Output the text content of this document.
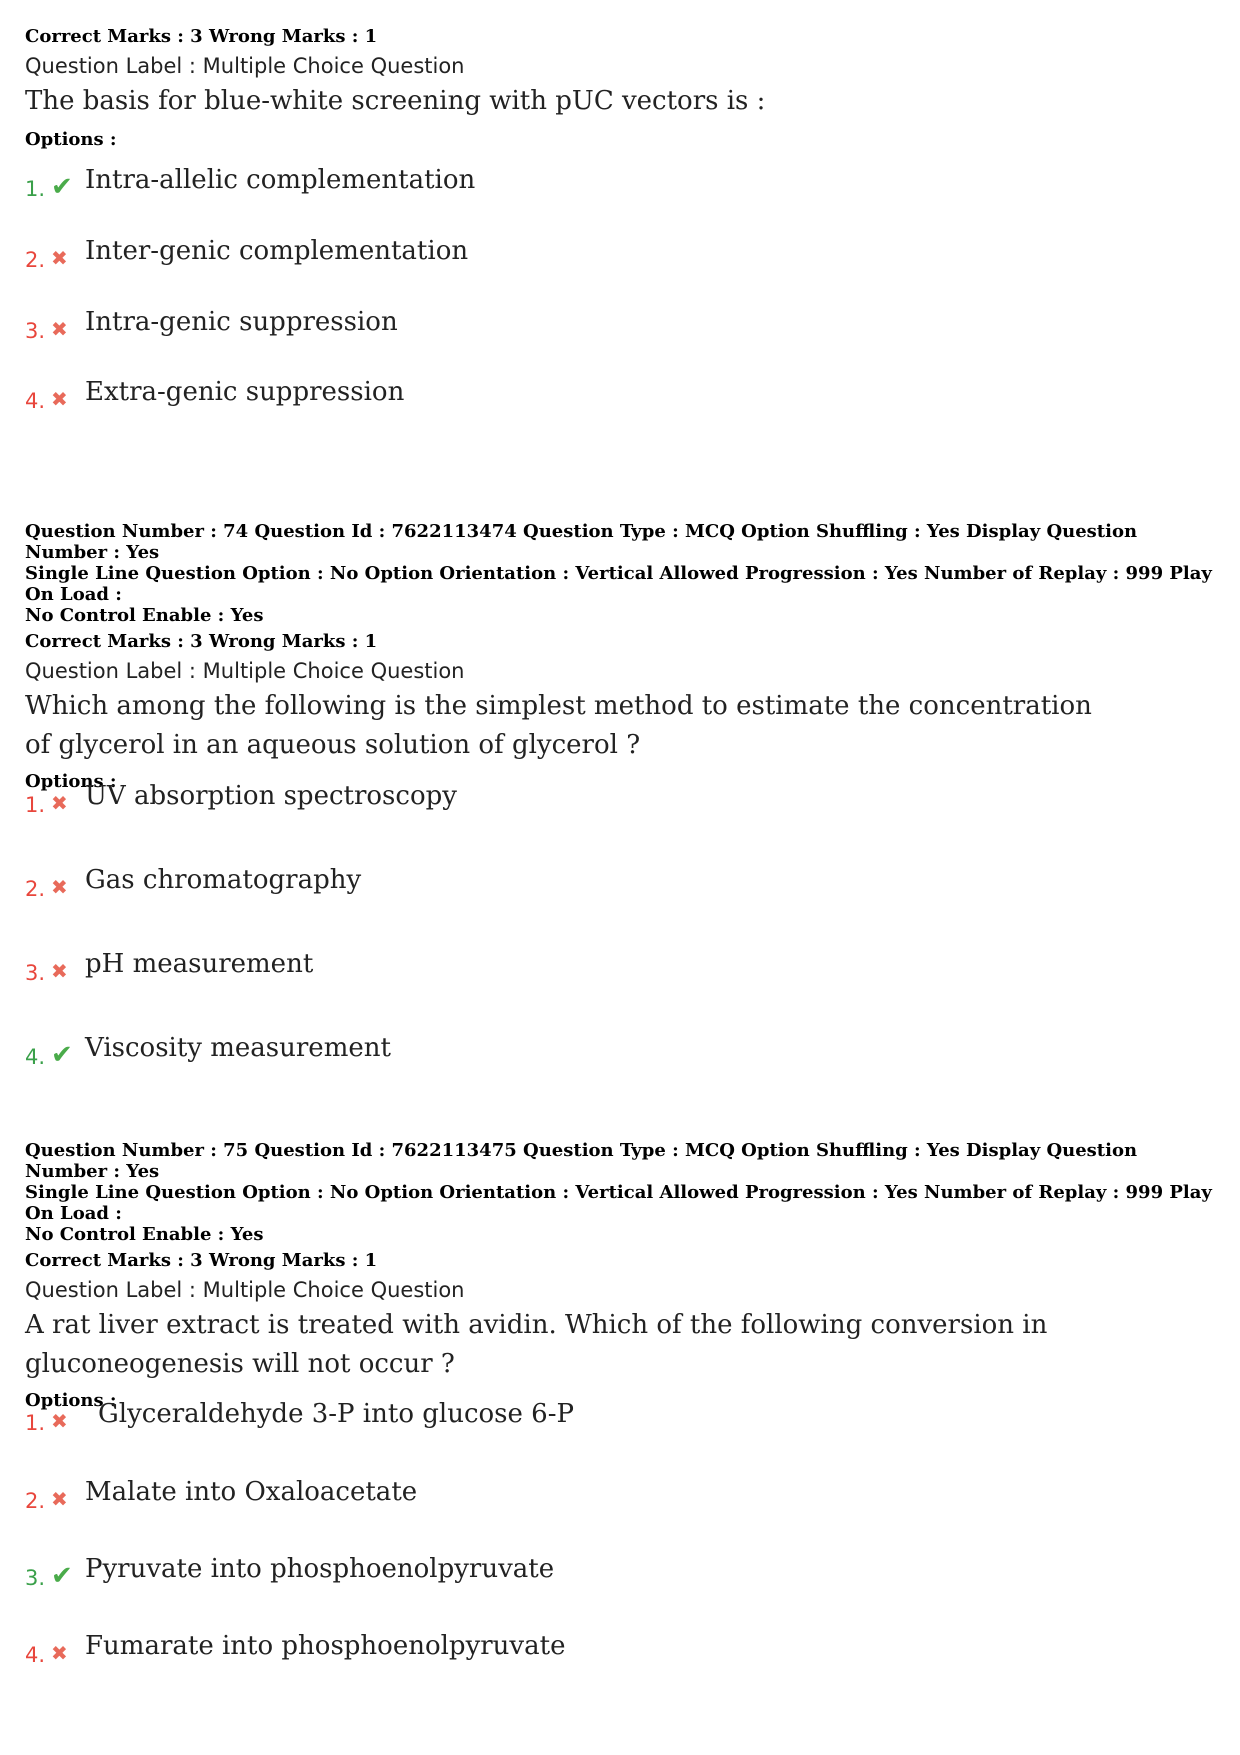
Correct Marks : 3 Wrong Marks : 1

Question Label : Multiple Choice Question

The basis for blue-white screening with pUC vectors is :

Options :

1. ✔ Intra-allelic complementation
2. ✖ Inter-genic complementation
3. ✖ Intra-genic suppression
4. ✖ Extra-genic suppression

Question Number : 74 Question Id : 7622113474 Question Type : MCQ Option Shuffling : Yes Display Question Number : Yes

Single Line Question Option : No Option Orientation : Vertical Allowed Progression : Yes Number of Replay : 999 Play On Load :

No Control Enable : Yes

Correct Marks : 3 Wrong Marks : 1

Question Label : Multiple Choice Question

Which among the following is the simplest method to estimate the concentration

of glycerol in an aqueous solution of glycerol ?

Options :

1. ✖ UV absorption spectroscopy
2. ✖ Gas chromatography
3. ✖ pH measurement
4. ✔ Viscosity measurement

Question Number : 75 Question Id : 7622113475 Question Type : MCQ Option Shuffling : Yes Display Question Number : Yes

Single Line Question Option : No Option Orientation : Vertical Allowed Progression : Yes Number of Replay : 999 Play On Load :

No Control Enable : Yes

Correct Marks : 3 Wrong Marks : 1

Question Label : Multiple Choice Question

A rat liver extract is treated with avidin. Which of the following conversion in

gluconeogenesis will not occur ?

Options :

1. ✖ Glyceraldehyde 3-P into glucose 6-P
2. ✖ Malate into Oxaloacetate
3. ✔ Pyruvate into phosphoenolpyruvate
4. ✖ Fumarate into phosphoenolpyruvate
